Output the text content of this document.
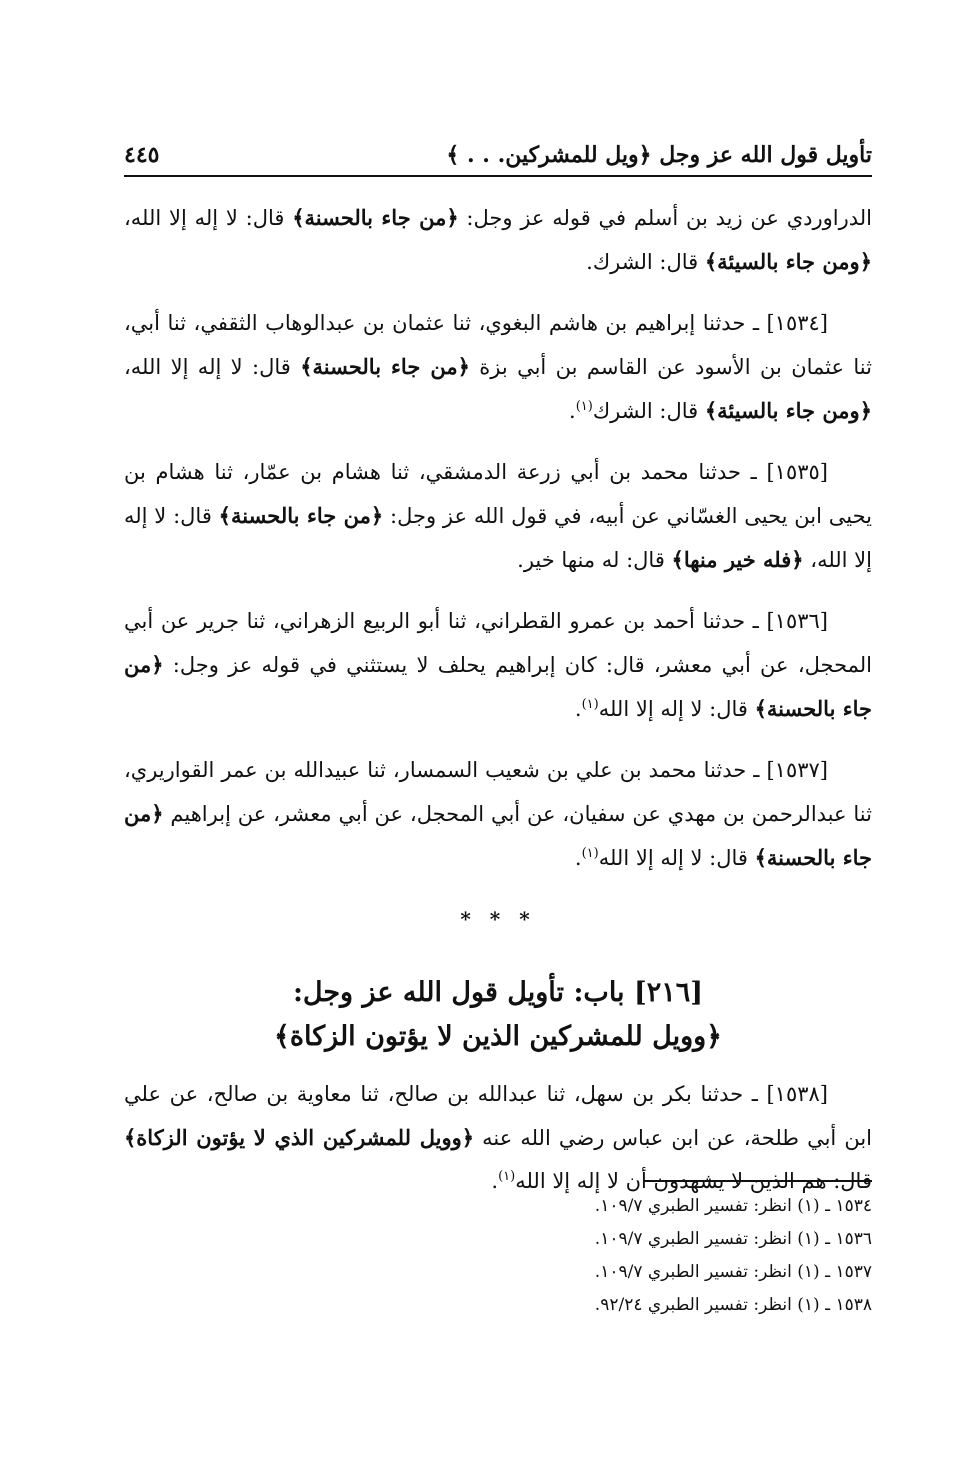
تأويل قول الله عز وجل ﴿ويل للمشركين. . . ﴾
٤٤٥

الدراوردي عن زيد بن أسلم في قوله عز وجل: ﴿من جاء بالحسنة﴾ قال: لا إله إلا الله، ﴿ومن جاء بالسيئة﴾ قال: الشرك.

[١٥٣٤] ـ حدثنا إبراهيم بن هاشم البغوي، ثنا عثمان بن عبدالوهاب الثقفي، ثنا أبي، ثنا عثمان بن الأسود عن القاسم بن أبي بزة ﴿من جاء بالحسنة﴾ قال: لا إله إلا الله، ﴿ومن جاء بالسيئة﴾ قال: الشرك$^{(١)}$.

[١٥٣٥] ـ حدثنا محمد بن أبي زرعة الدمشقي، ثنا هشام بن عمّار، ثنا هشام بن يحيى ابن يحيى الغسّاني عن أبيه، في قول الله عز وجل: ﴿من جاء بالحسنة﴾ قال: لا إله إلا الله، ﴿فله خير منها﴾ قال: له منها خير.

[١٥٣٦] ـ حدثنا أحمد بن عمرو القطراني، ثنا أبو الربيع الزهراني، ثنا جرير عن أبي المحجل، عن أبي معشر، قال: كان إبراهيم يحلف لا يستثني في قوله عز وجل: ﴿من جاء بالحسنة﴾ قال: لا إله إلا الله$^{(١)}$.

[١٥٣٧] ـ حدثنا محمد بن علي بن شعيب السمسار، ثنا عبيدالله بن عمر القواريري، ثنا عبدالرحمن بن مهدي عن سفيان، عن أبي المحجل، عن أبي معشر، عن إبراهيم ﴿من جاء بالحسنة﴾ قال: لا إله إلا الله$^{(١)}$.

* * *
[٢١٦] باب: تأويل قول الله عز وجل:
﴿وويل للمشركين الذين لا يؤتون الزكاة﴾

[١٥٣٨] ـ حدثنا بكر بن سهل، ثنا عبدالله بن صالح، ثنا معاوية بن صالح، عن علي ابن أبي طلحة، عن ابن عباس رضي الله عنه ﴿وويل للمشركين الذي لا يؤتون الزكاة﴾ قال: هم الذين لا يشهدون أن لا إله إلا الله$^{(١)}$.

١٥٣٤ ـ (١) انظر: تفسير الطبري ١٠٩/٧.

١٥٣٦ ـ (١) انظر: تفسير الطبري ١٠٩/٧.

١٥٣٧ ـ (١) انظر: تفسير الطبري ١٠٩/٧.

١٥٣٨ ـ (١) انظر: تفسير الطبري ٩٢/٢٤.
